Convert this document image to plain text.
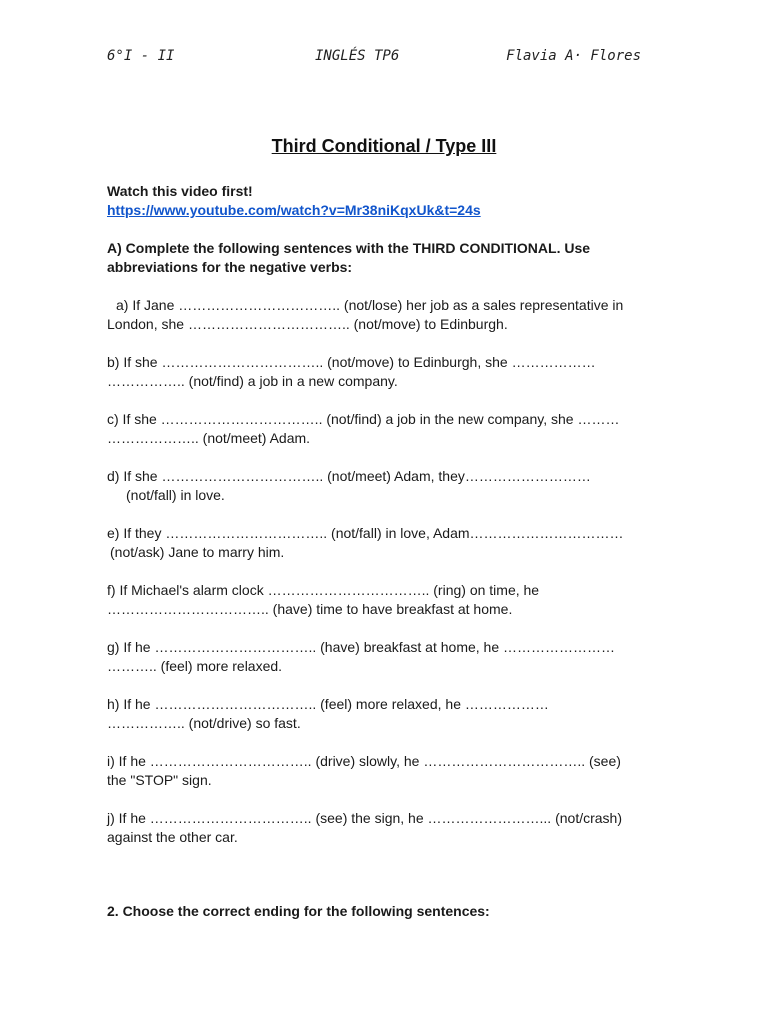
6°I - II	INGLÉS TP6	Flavia A· Flores
Third Conditional / Type III

Watch this video first!

https://www.youtube.com/watch?v=Mr38niKqxUk&t=24s

A) Complete the following sentences with the THIRD CONDITIONAL. Use
abbreviations for the negative verbs:

a) If Jane …………………………….. (not/lose) her job as a sales representative in
London, she …………………………….. (not/move) to Edinburgh.

b) If she …………………………….. (not/move) to Edinburgh, she ………………
…………….. (not/find) a job in a new company.

c) If she …………………………….. (not/find) a job in the new company, she ………
……………….. (not/meet) Adam.

d) If she …………………………….. (not/meet) Adam, they………………………
(not/fall) in love.

e) If they …………………………….. (not/fall) in love, Adam……………………………
(not/ask) Jane to marry him.

f) If Michael's alarm clock …………………………….. (ring) on time, he
…………………………….. (have) time to have breakfast at home.

g) If he …………………………….. (have) breakfast at home, he ……………………
……….. (feel) more relaxed.

h) If he …………………………….. (feel) more relaxed, he ………………
…………….. (not/drive) so fast.

i) If he …………………………….. (drive) slowly, he …………………………….. (see)
the "STOP" sign.

j) If he …………………………….. (see) the sign, he ……………………... (not/crash)
against the other car.

2. Choose the correct ending for the following sentences:
